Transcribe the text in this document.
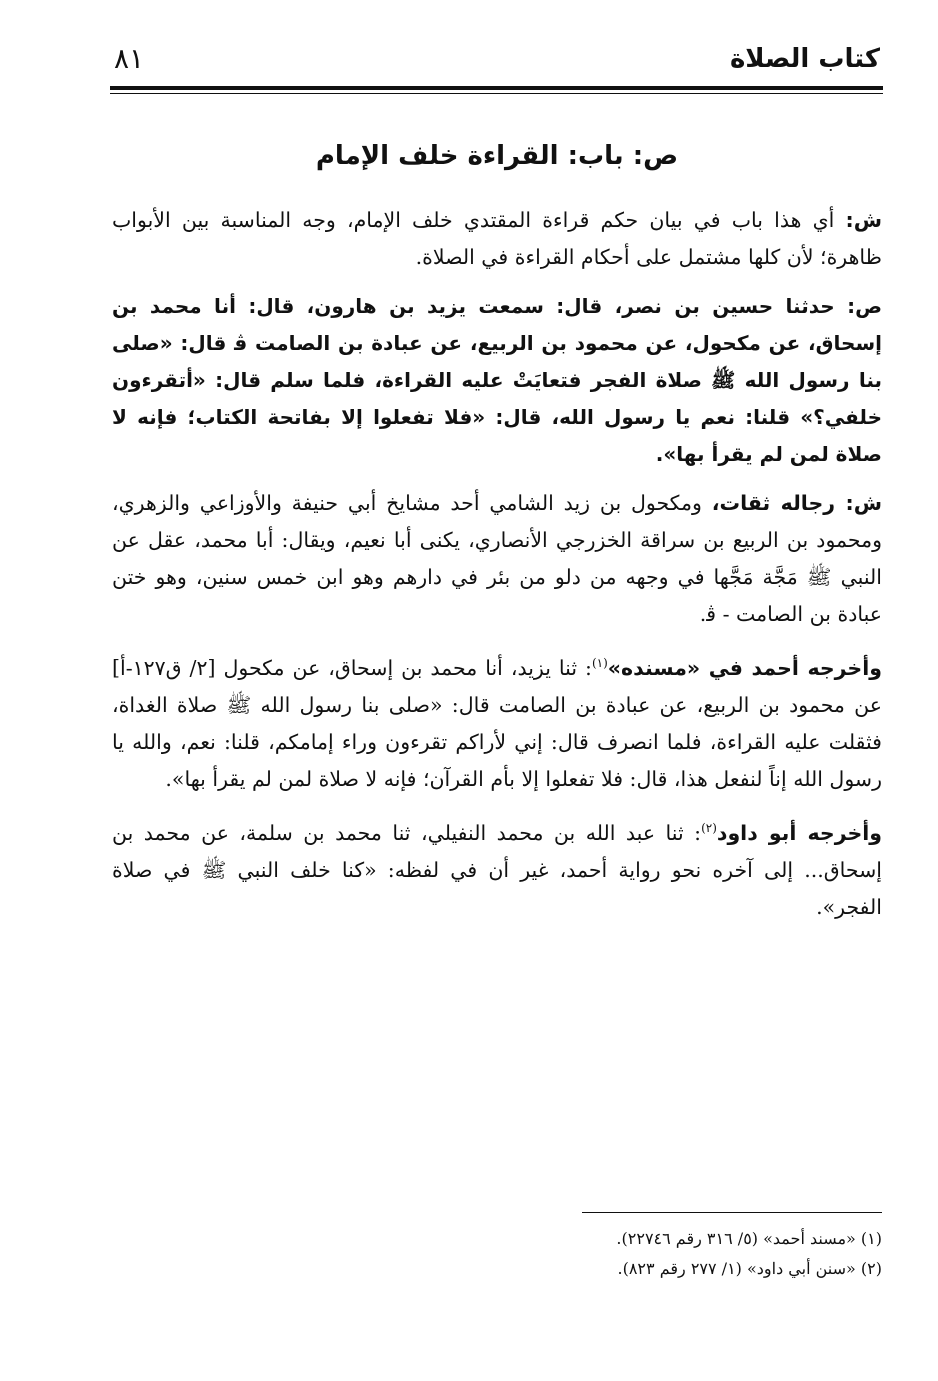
كتاب الصلاة
٨١
ص: باب: القراءة خلف الإمام

ش: أي هذا باب في بيان حكم قراءة المقتدي خلف الإمام، وجه المناسبة بين الأبواب ظاهرة؛ لأن كلها مشتمل على أحكام القراءة في الصلاة.

ص: حدثنا حسين بن نصر، قال: سمعت يزيد بن هارون، قال: أنا محمد بن إسحاق، عن مكحول، عن محمود بن الربيع، عن عبادة بن الصامت ﭬ قال: «صلى بنا رسول الله ﷺ صلاة الفجر فتعايَتْ عليه القراءة، فلما سلم قال: «أتقرءون خلفي؟» قلنا: نعم يا رسول الله، قال: «فلا تفعلوا إلا بفاتحة الكتاب؛ فإنه لا صلاة لمن لم يقرأ بها».

ش: رجاله ثقات، ومكحول بن زيد الشامي أحد مشايخ أبي حنيفة والأوزاعي والزهري، ومحمود بن الربيع بن سراقة الخزرجي الأنصاري، يكنى أبا نعيم، ويقال: أبا محمد، عقل عن النبي ﷺ مَجَّة مَجَّها في وجهه من دلو من بئر في دارهم وهو ابن خمس سنين، وهو ختن عبادة بن الصامت - ﭬ.

وأخرجه أحمد في «مسنده»$^{(١)}$: ثنا يزيد، أنا محمد بن إسحاق، عن مكحول [٢/ ق١٢٧-أ] عن محمود بن الربيع، عن عبادة بن الصامت قال: «صلى بنا رسول الله ﷺ صلاة الغداة، فثقلت عليه القراءة، فلما انصرف قال: إني لأراكم تقرءون وراء إمامكم، قلنا: نعم، والله يا رسول الله إناً لنفعل هذا، قال: فلا تفعلوا إلا بأم القرآن؛ فإنه لا صلاة لمن لم يقرأ بها».

وأخرجه أبو داود$^{(٢)}$: ثنا عبد الله بن محمد النفيلي، ثنا محمد بن سلمة، عن محمد بن إسحاق... إلى آخره نحو رواية أحمد، غير أن في لفظه: «كنا خلف النبي ﷺ في صلاة الفجر».

(١) «مسند أحمد» (٥/ ٣١٦ رقم ٢٢٧٤٦).

(٢) «سنن أبي داود» (١/ ٢٧٧ رقم ٨٢٣).
